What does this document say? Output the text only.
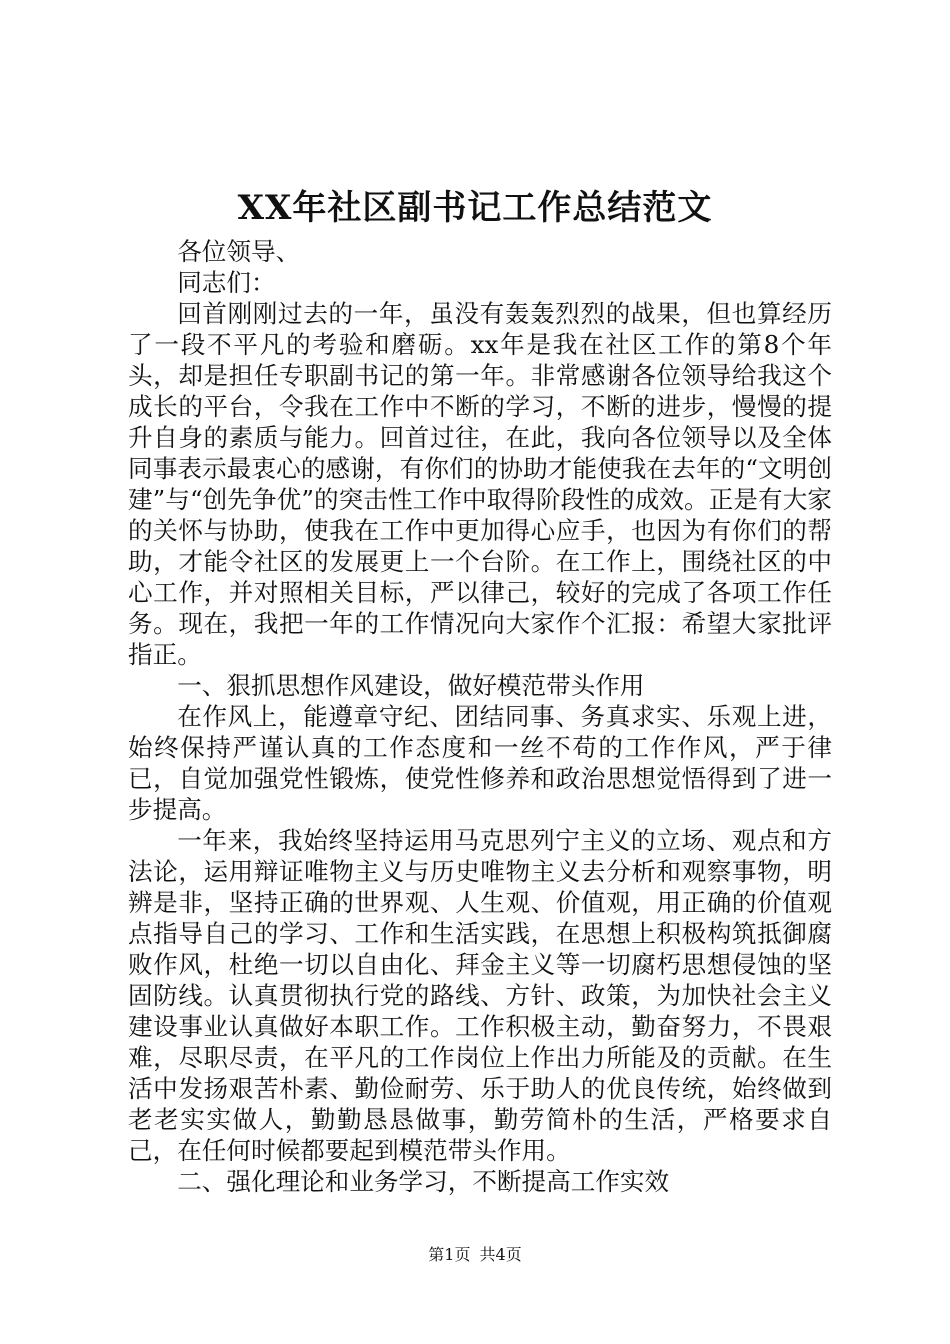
XX年社区副书记工作总结范文

各位领导、

同志们：

回首刚刚过去的一年，虽没有轰轰烈烈的战果，但也算经历了一段不平凡的考验和磨砺。xx年是我在社区工作的第8个年头，却是担任专职副书记的第一年。非常感谢各位领导给我这个成长的平台，令我在工作中不断的学习，不断的进步，慢慢的提升自身的素质与能力。回首过往，在此，我向各位领导以及全体同事表示最衷心的感谢，有你们的协助才能使我在去年的“文明创建”与“创先争优”的突击性工作中取得阶段性的成效。正是有大家的关怀与协助，使我在工作中更加得心应手，也因为有你们的帮助，才能令社区的发展更上一个台阶。在工作上，围绕社区的中心工作，并对照相关目标，严以律己，较好的完成了各项工作任务。现在，我把一年的工作情况向大家作个汇报：希望大家批评指正。

一、狠抓思想作风建设，做好模范带头作用

在作风上，能遵章守纪、团结同事、务真求实、乐观上进，始终保持严谨认真的工作态度和一丝不苟的工作作风，严于律已，自觉加强党性锻炼，使党性修养和政治思想觉悟得到了进一步提高。

一年来，我始终坚持运用马克思列宁主义的立场、观点和方法论，运用辩证唯物主义与历史唯物主义去分析和观察事物，明辨是非，坚持正确的世界观、人生观、价值观，用正确的价值观点指导自己的学习、工作和生活实践，在思想上积极构筑抵御腐败作风，杜绝一切以自由化、拜金主义等一切腐朽思想侵蚀的坚固防线。认真贯彻执行党的路线、方针、政策，为加快社会主义建设事业认真做好本职工作。工作积极主动，勤奋努力，不畏艰难，尽职尽责，在平凡的工作岗位上作出力所能及的贡献。在生活中发扬艰苦朴素、勤俭耐劳、乐于助人的优良传统，始终做到老老实实做人，勤勤恳恳做事，勤劳简朴的生活，严格要求自己，在任何时候都要起到模范带头作用。

二、强化理论和业务学习，不断提高工作实效

第1页 共4页
